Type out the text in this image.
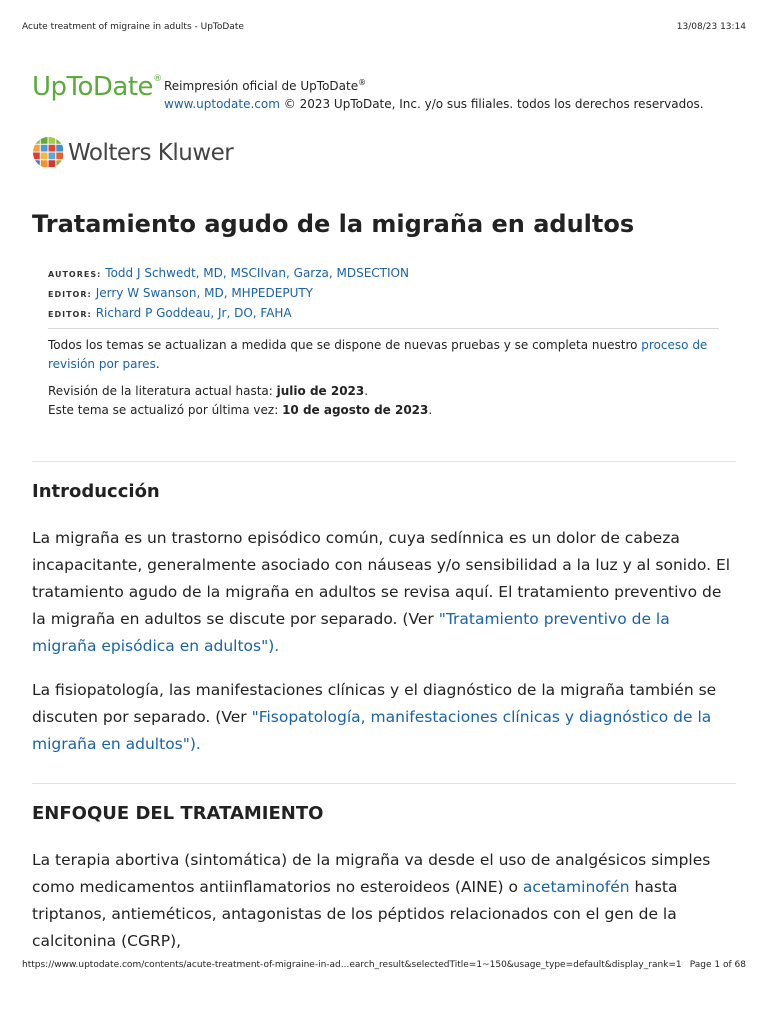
Acute treatment of migraine in adults - UpToDate	13/08/23 13:14
UpToDate® Reimpresión oficial de UpToDate®
www.uptodate.com © 2023 UpToDate, Inc. y/o sus filiales. todos los derechos reservados.
Wolters Kluwer
Tratamiento agudo de la migraña en adultos
AUTORES: Todd J Schwedt, MD, MSCIIvan, Garza, MDSECTION
EDITOR: Jerry W Swanson, MD, MHPEDEPUTY
EDITOR: Richard P Goddeau, Jr, DO, FAHA
Todos los temas se actualizan a medida que se dispone de nuevas pruebas y se completa nuestro proceso de revisión por pares.
Revisión de la literatura actual hasta: julio de 2023.
Este tema se actualizó por última vez: 10 de agosto de 2023.
Introducción

La migraña es un trastorno episódico común, cuya sedínnica es un dolor de cabeza incapacitante, generalmente asociado con náuseas y/o sensibilidad a la luz y al sonido. El tratamiento agudo de la migraña en adultos se revisa aquí. El tratamiento preventivo de la migraña en adultos se discute por separado. (Ver "Tratamiento preventivo de la migraña episódica en adultos").

La fisiopatología, las manifestaciones clínicas y el diagnóstico de la migraña también se discuten por separado. (Ver "Fisopatología, manifestaciones clínicas y diagnóstico de la migraña en adultos").

ENFOQUE DEL TRATAMIENTO

La terapia abortiva (sintomática) de la migraña va desde el uso de analgésicos simples como medicamentos antiinflamatorios no esteroideos (AINE) o acetaminofén hasta triptanos, antieméticos, antagonistas de los péptidos relacionados con el gen de la calcitonina (CGRP),

https://www.uptodate.com/contents/acute-treatment-of-migraine-in-ad...earch_result&selectedTitle=1~150&usage_type=default&display_rank=1 Page 1 of 68
